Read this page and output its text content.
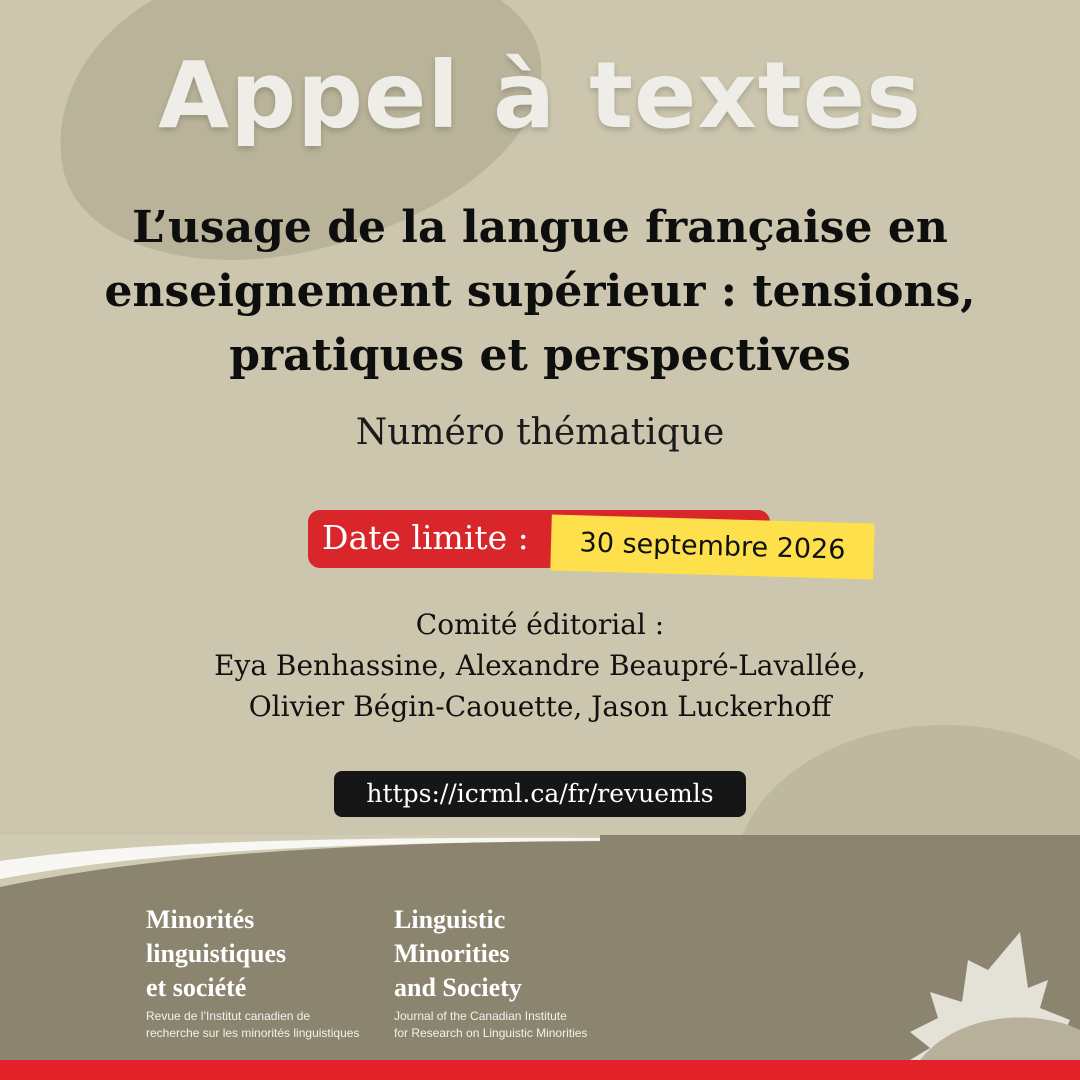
Appel à textes
L’usage de la langue française en
enseignement supérieur : tensions,
pratiques et perspectives
Numéro thématique
Date limite :	30 septembre 2026
Comité éditorial :
Eya Benhassine, Alexandre Beaupré-Lavallée,
Olivier Bégin-Caouette, Jason Luckerhoff
https://icrml.ca/fr/revuemls
Minorités
linguistiques
et société
Revue de l’Institut canadien de
recherche sur les minorités linguistiques
Linguistic
Minorities
and Society
Journal of the Canadian Institute
for Research on Linguistic Minorities
